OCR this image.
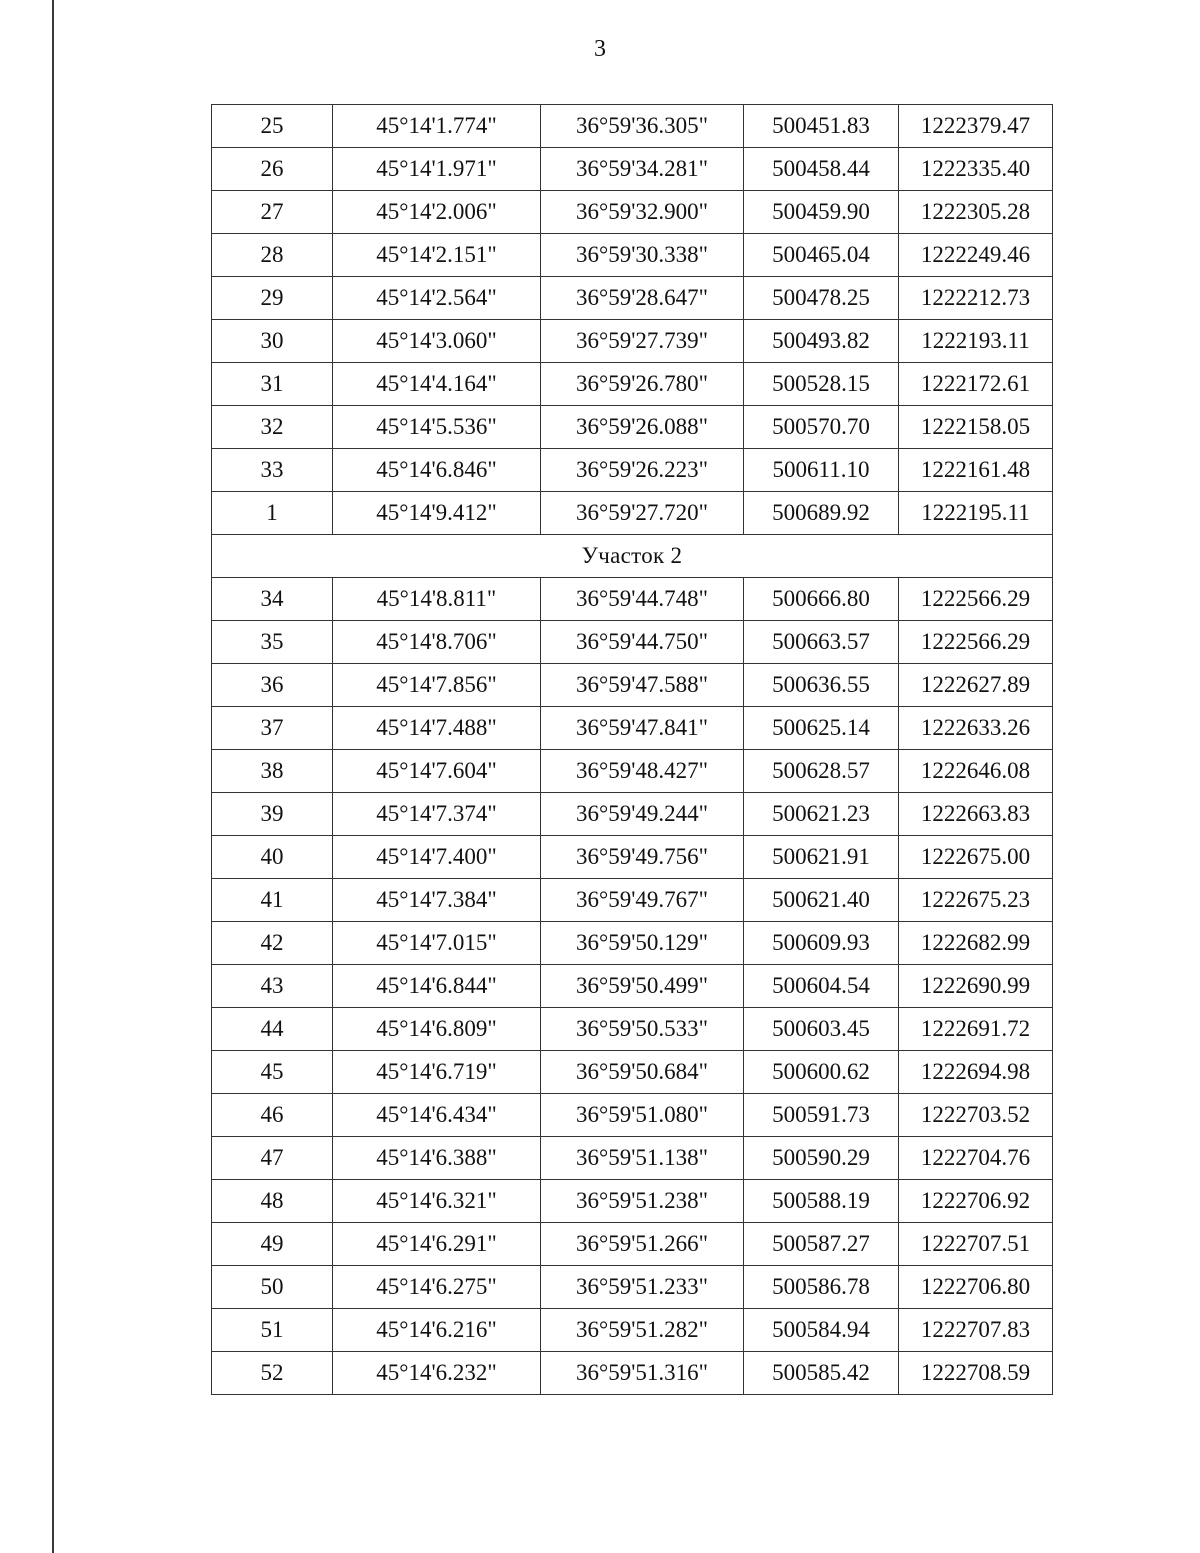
3
25	45°14'1.774"	36°59'36.305"	500451.83	1222379.47
26	45°14'1.971"	36°59'34.281"	500458.44	1222335.40
27	45°14'2.006"	36°59'32.900"	500459.90	1222305.28
28	45°14'2.151"	36°59'30.338"	500465.04	1222249.46
29	45°14'2.564"	36°59'28.647"	500478.25	1222212.73
30	45°14'3.060"	36°59'27.739"	500493.82	1222193.11
31	45°14'4.164"	36°59'26.780"	500528.15	1222172.61
32	45°14'5.536"	36°59'26.088"	500570.70	1222158.05
33	45°14'6.846"	36°59'26.223"	500611.10	1222161.48
1	45°14'9.412"	36°59'27.720"	500689.92	1222195.11
Участок 2				
34	45°14'8.811"	36°59'44.748"	500666.80	1222566.29
35	45°14'8.706"	36°59'44.750"	500663.57	1222566.29
36	45°14'7.856"	36°59'47.588"	500636.55	1222627.89
37	45°14'7.488"	36°59'47.841"	500625.14	1222633.26
38	45°14'7.604"	36°59'48.427"	500628.57	1222646.08
39	45°14'7.374"	36°59'49.244"	500621.23	1222663.83
40	45°14'7.400"	36°59'49.756"	500621.91	1222675.00
41	45°14'7.384"	36°59'49.767"	500621.40	1222675.23
42	45°14'7.015"	36°59'50.129"	500609.93	1222682.99
43	45°14'6.844"	36°59'50.499"	500604.54	1222690.99
44	45°14'6.809"	36°59'50.533"	500603.45	1222691.72
45	45°14'6.719"	36°59'50.684"	500600.62	1222694.98
46	45°14'6.434"	36°59'51.080"	500591.73	1222703.52
47	45°14'6.388"	36°59'51.138"	500590.29	1222704.76
48	45°14'6.321"	36°59'51.238"	500588.19	1222706.92
49	45°14'6.291"	36°59'51.266"	500587.27	1222707.51
50	45°14'6.275"	36°59'51.233"	500586.78	1222706.80
51	45°14'6.216"	36°59'51.282"	500584.94	1222707.83
52	45°14'6.232"	36°59'51.316"	500585.42	1222708.59
